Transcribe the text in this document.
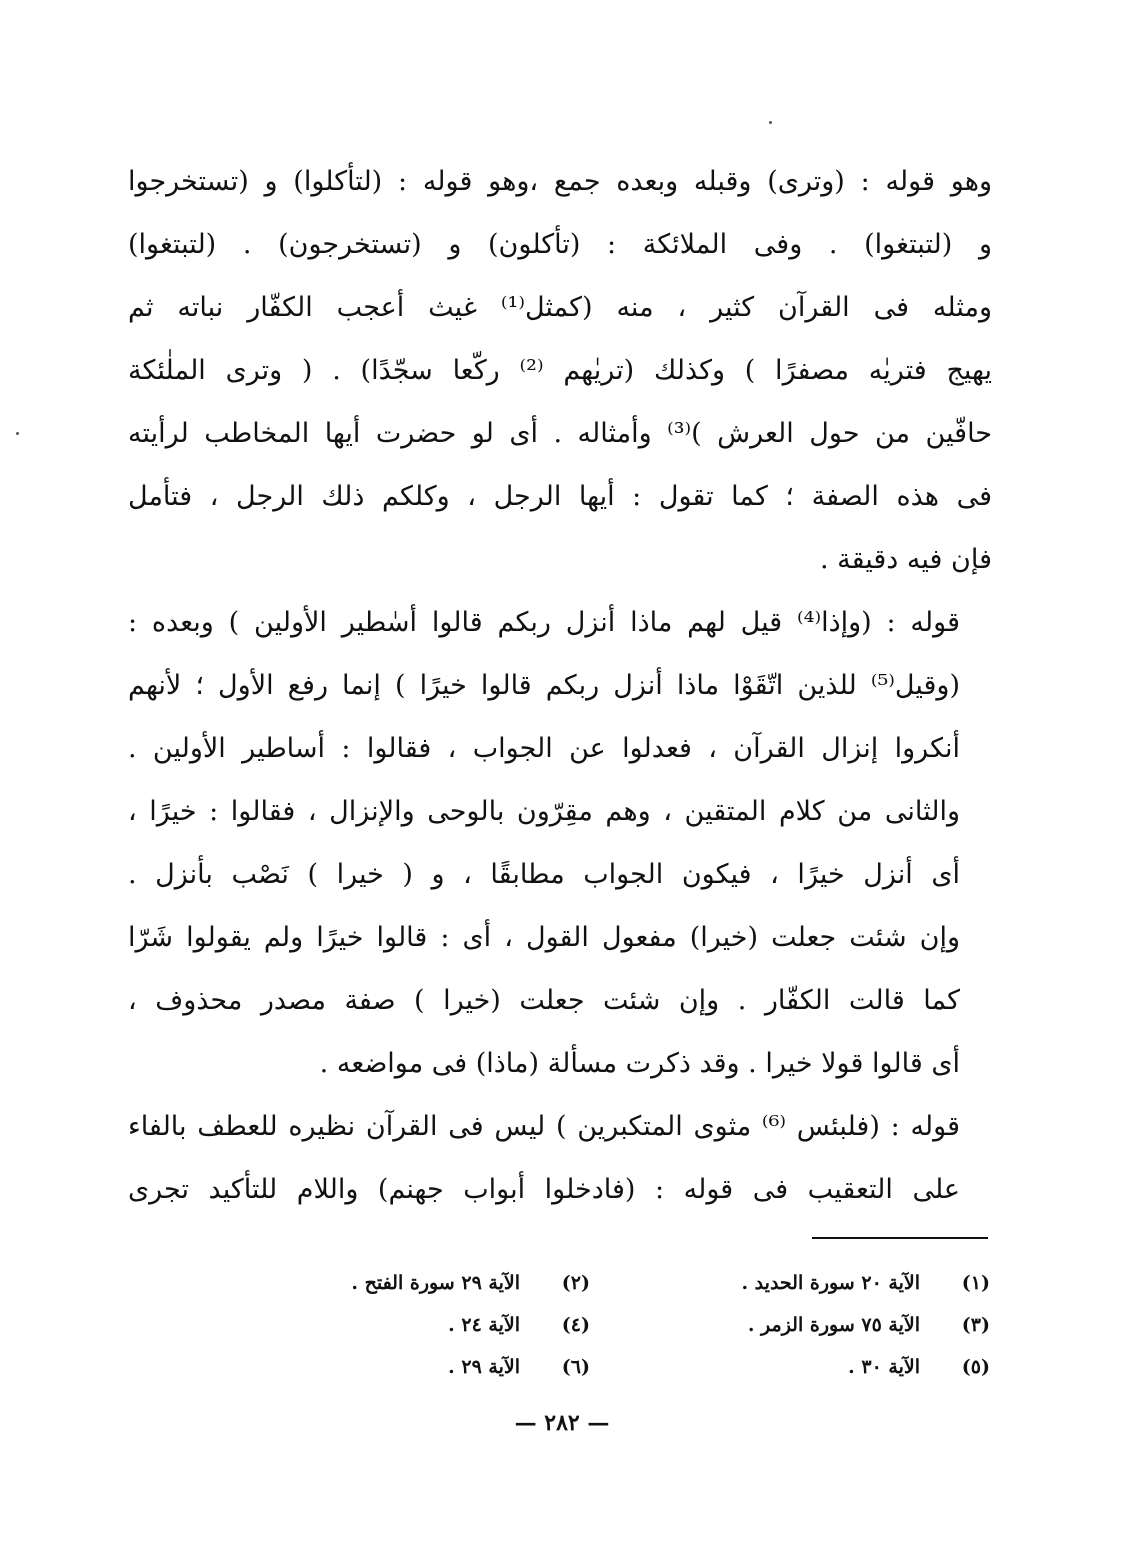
وهو قوله : (وترى) وقبله وبعده جمع ،وهو قوله : (لتأكلوا) و (تستخرجوا
و (لتبتغوا) . وفى الملائكة : (تأكلون) و (تستخرجون) . (لتبتغوا)
ومثله فى القرآن كثير ، منه (كمثل⁽¹⁾ غيث أعجب الكفّار نباته ثم
يهيج فتريٰه مصفرًا ) وكذلك (تريٰهم ⁽²⁾ ركّعا سجّدًا) . ( وترى الملٰئكة
حافّين من حول العرش )⁽³⁾ وأمثاله . أى لو حضرت أيها المخاطب لرأيته
فى هذه الصفة ؛ كما تقول : أيها الرجل ، وكلكم ذلك الرجل ، فتأمل
فإن فيه دقيقة .
قوله : (وإذا⁽⁴⁾ قيل لهم ماذا أنزل ربكم قالوا أسٰطير الأولين ) وبعده :
(وقيل⁽⁵⁾ للذين اتّقَوْا ماذا أنزل ربكم قالوا خيرًا ) إنما رفع الأول ؛ لأنهم
أنكروا إنزال القرآن ، فعدلوا عن الجواب ، فقالوا : أساطير الأولين .
والثانى من كلام المتقين ، وهم مقِرّون بالوحى والإنزال ، فقالوا : خيرًا ،
أى أنزل خيرًا ، فيكون الجواب مطابقًا ، و ( خيرا ) نَصْب بأنزل .
وإن شئت جعلت (خيرا) مفعول القول ، أى : قالوا خيرًا ولم يقولوا شَرّا
كما قالت الكفّار . وإن شئت جعلت (خيرا ) صفة مصدر محذوف ،
أى قالوا قولا خيرا . وقد ذكرت مسألة (ماذا) فى مواضعه .
قوله : (فلبئس ⁽⁶⁾ مثوى المتكبرين ) ليس فى القرآن نظيره للعطف بالفاء
على التعقيب فى قوله : (فادخلوا أبواب جهنم) واللام للتأكيد تجرى
(١)
الآية ٢٠ سورة الحديد .
(٢)
الآية ٢٩ سورة الفتح .
(٣)
الآية ٧٥ سورة الزمر .
(٤)
الآية ٢٤ .
(٥)
الآية ٣٠ .
(٦)
الآية ٢٩ .
— ٢٨٢ —
